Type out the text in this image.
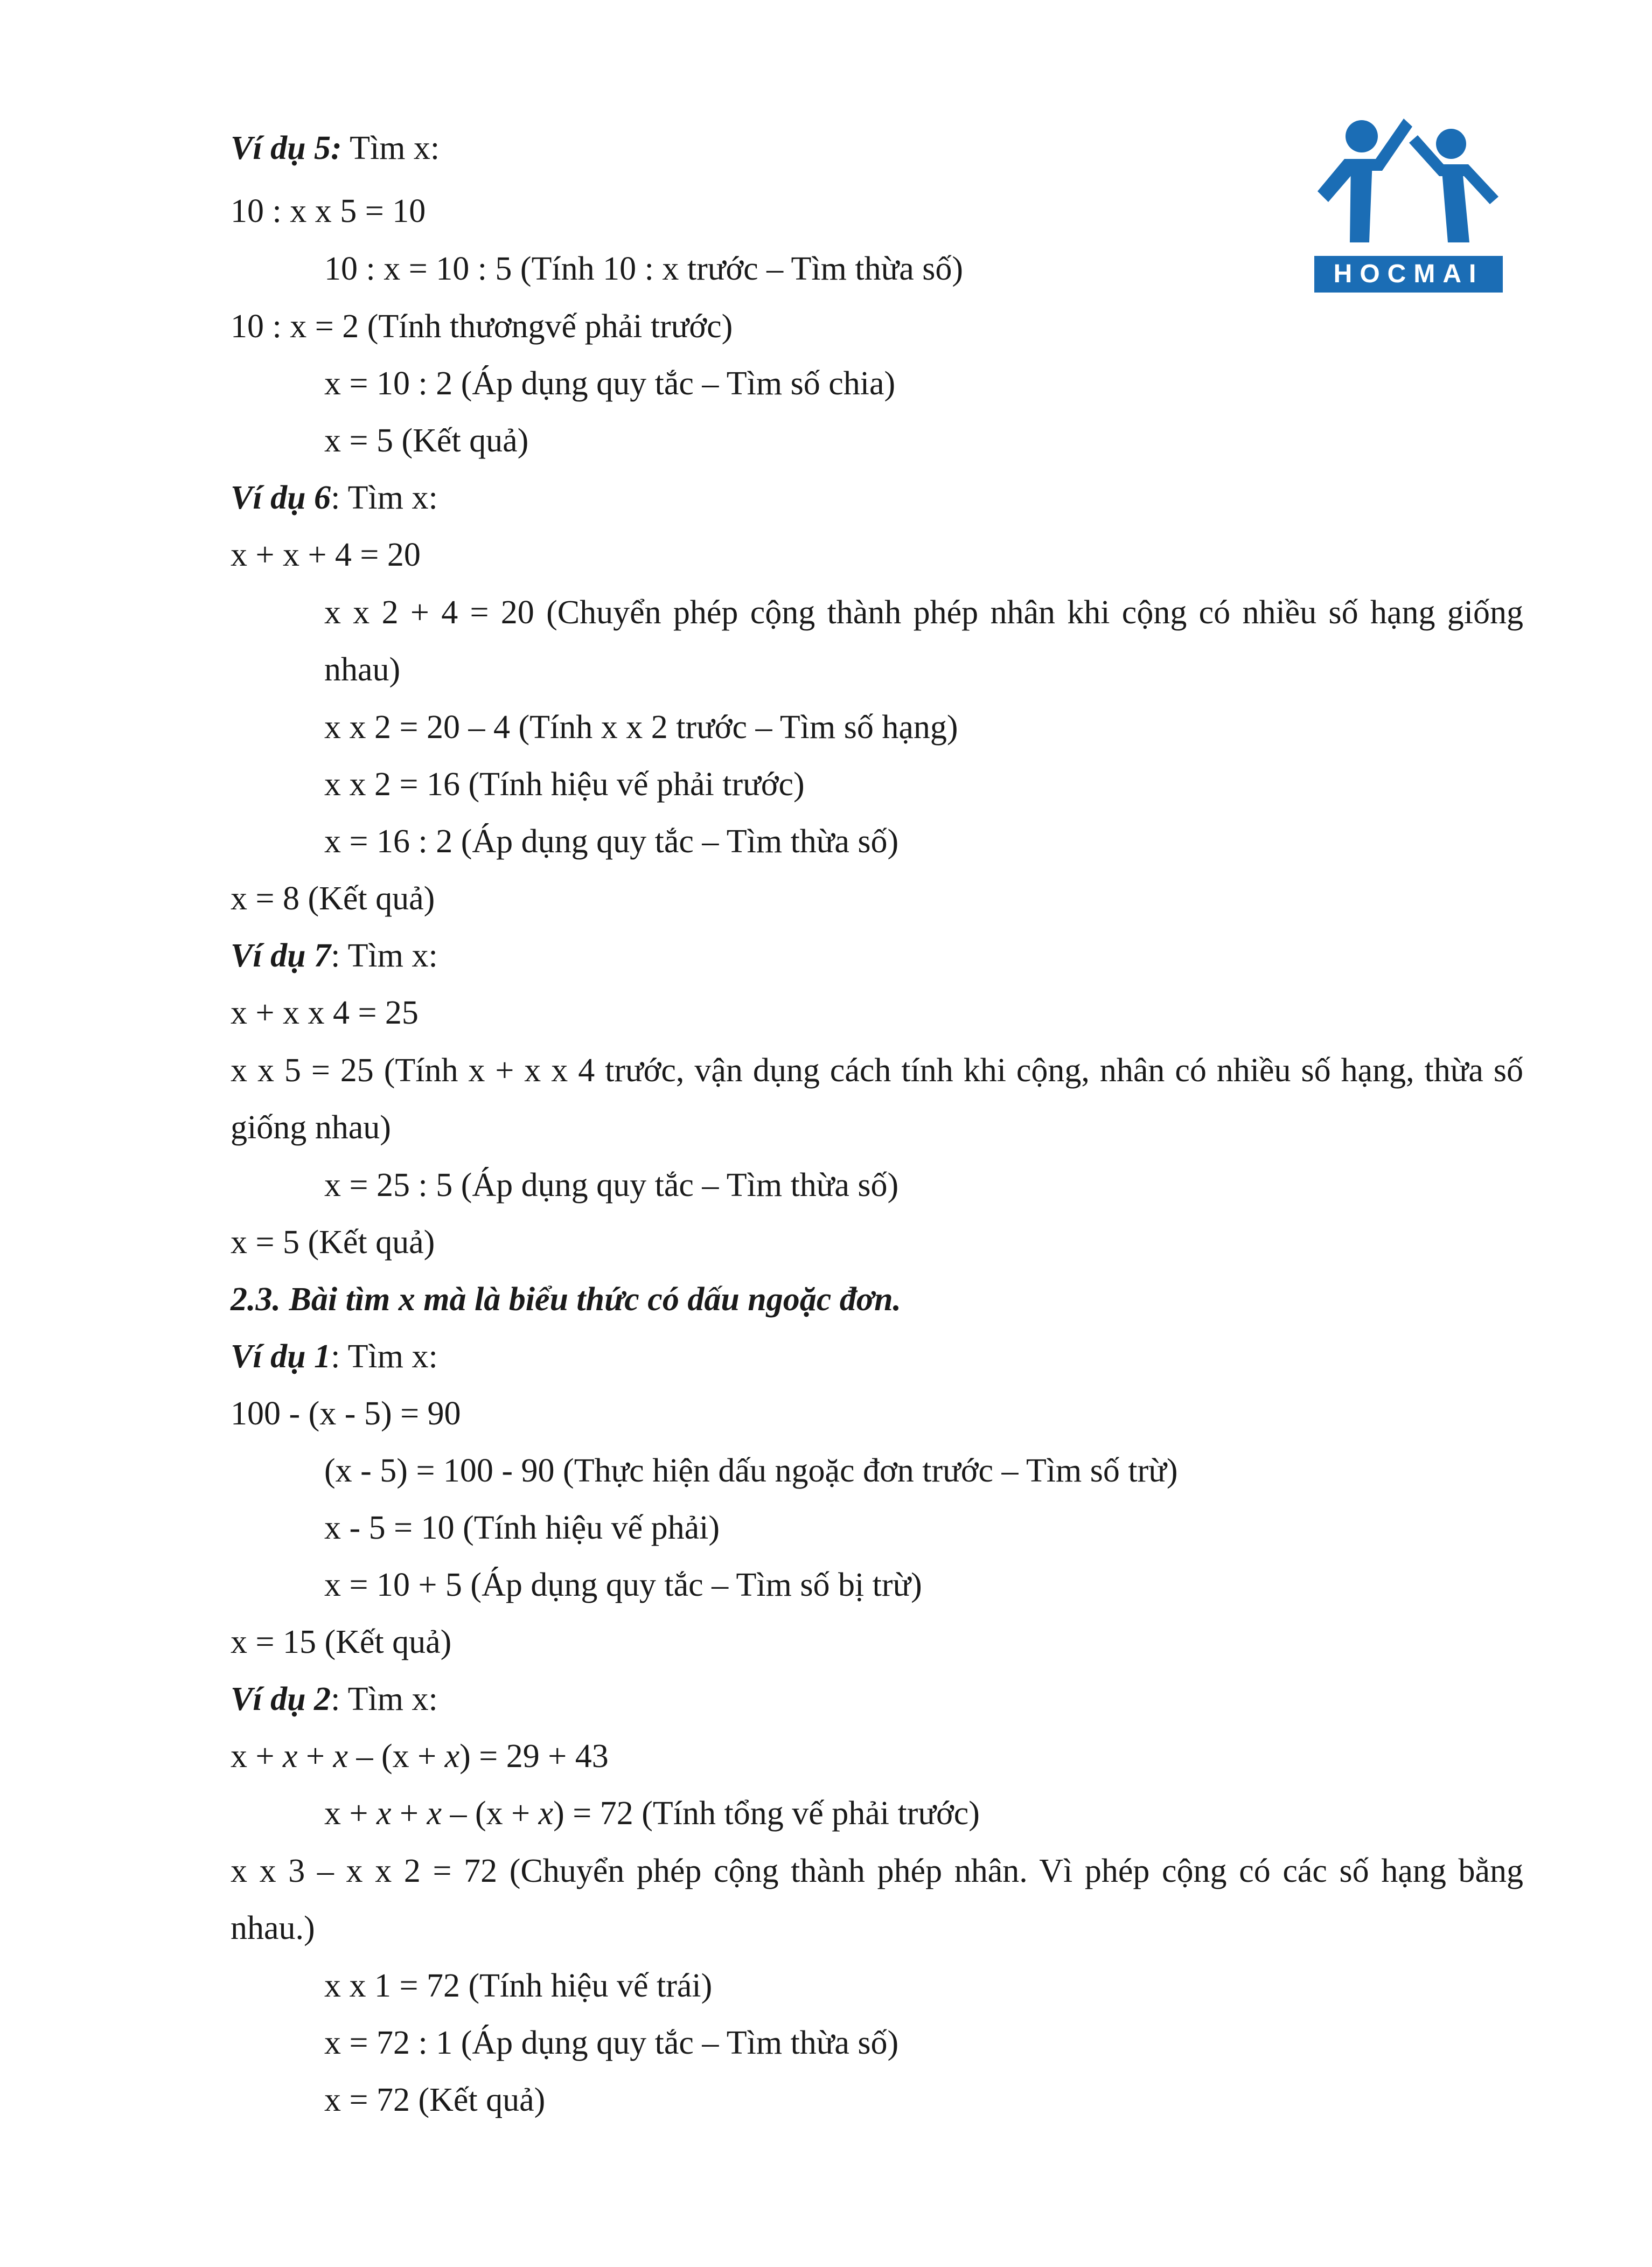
HOCMAI
Ví dụ 5: Tìm x:
10 : x x 5 = 10
10 : x = 10 : 5 (Tính 10 : x trước – Tìm thừa số)
10 : x = 2 (Tính thươngvế phải trước)
x = 10 : 2 (Áp dụng quy tắc – Tìm số chia)
x = 5 (Kết quả)
Ví dụ 6: Tìm x:
x + x + 4 = 20
x x 2 + 4 = 20 (Chuyển phép cộng thành phép nhân khi cộng có nhiều số hạng giống nhau)
x x 2 = 20 – 4 (Tính x x 2 trước – Tìm số hạng)
x x 2 = 16 (Tính hiệu vế phải trước)
x = 16 : 2 (Áp dụng quy tắc – Tìm thừa số)
x = 8 (Kết quả)
Ví dụ 7: Tìm x:
x + x x 4 = 25
x x 5 = 25 (Tính x + x x 4 trước, vận dụng cách tính khi cộng, nhân có nhiều số hạng, thừa số giống nhau)
x = 25 : 5 (Áp dụng quy tắc – Tìm thừa số)
x = 5 (Kết quả)
2.3. Bài tìm x mà là biểu thức có dấu ngoặc đơn.
Ví dụ 1: Tìm x:
100 - (x - 5) = 90
(x - 5) = 100 - 90 (Thực hiện dấu ngoặc đơn trước – Tìm số trừ)
x - 5 = 10 (Tính hiệu vế phải)
x = 10 + 5 (Áp dụng quy tắc – Tìm số bị trừ)
x = 15 (Kết quả)
Ví dụ 2: Tìm x:
x + x + x – (x + x) = 29 + 43
x + x + x – (x + x) = 72 (Tính tổng vế phải trước)
x x 3 – x x 2 = 72 (Chuyển phép cộng thành phép nhân. Vì phép cộng có các số hạng bằng nhau.)
x x 1 = 72 (Tính hiệu vế trái)
x = 72 : 1 (Áp dụng quy tắc – Tìm thừa số)
x = 72 (Kết quả)
